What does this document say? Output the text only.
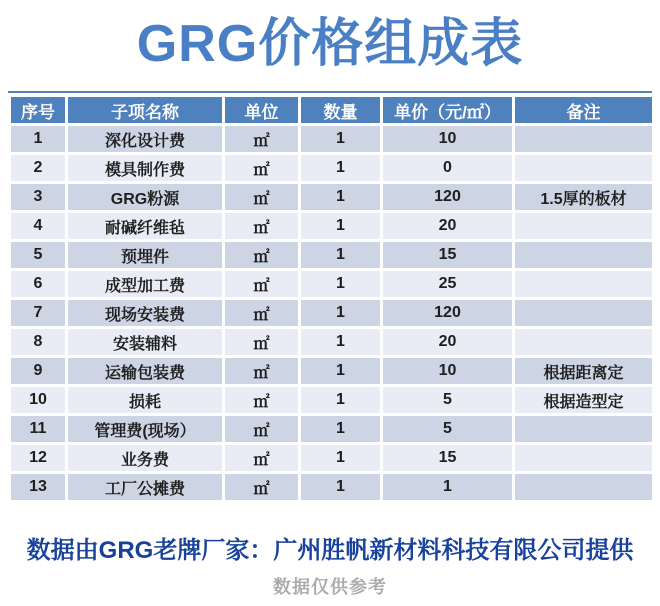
GRG价格组成表
序号	子项名称	单位	数量	单价（元/㎡）	备注
1	深化设计费	㎡	1	10	
2	模具制作费	㎡	1	0	
3	GRG粉源	㎡	1	120	1.5厚的板材
4	耐碱纤维毡	㎡	1	20	
5	预埋件	㎡	1	15	
6	成型加工费	㎡	1	25	
7	现场安装费	㎡	1	120	
8	安装辅料	㎡	1	20	
9	运输包装费	㎡	1	10	根据距离定
10	损耗	㎡	1	5	根据造型定
11	管理费(现场）	㎡	1	5	
12	业务费	㎡	1	15	
13	工厂公摊费	㎡	1	1	
数据由GRG老牌厂家：广州胜帆新材料科技有限公司提供
数据仅供参考
